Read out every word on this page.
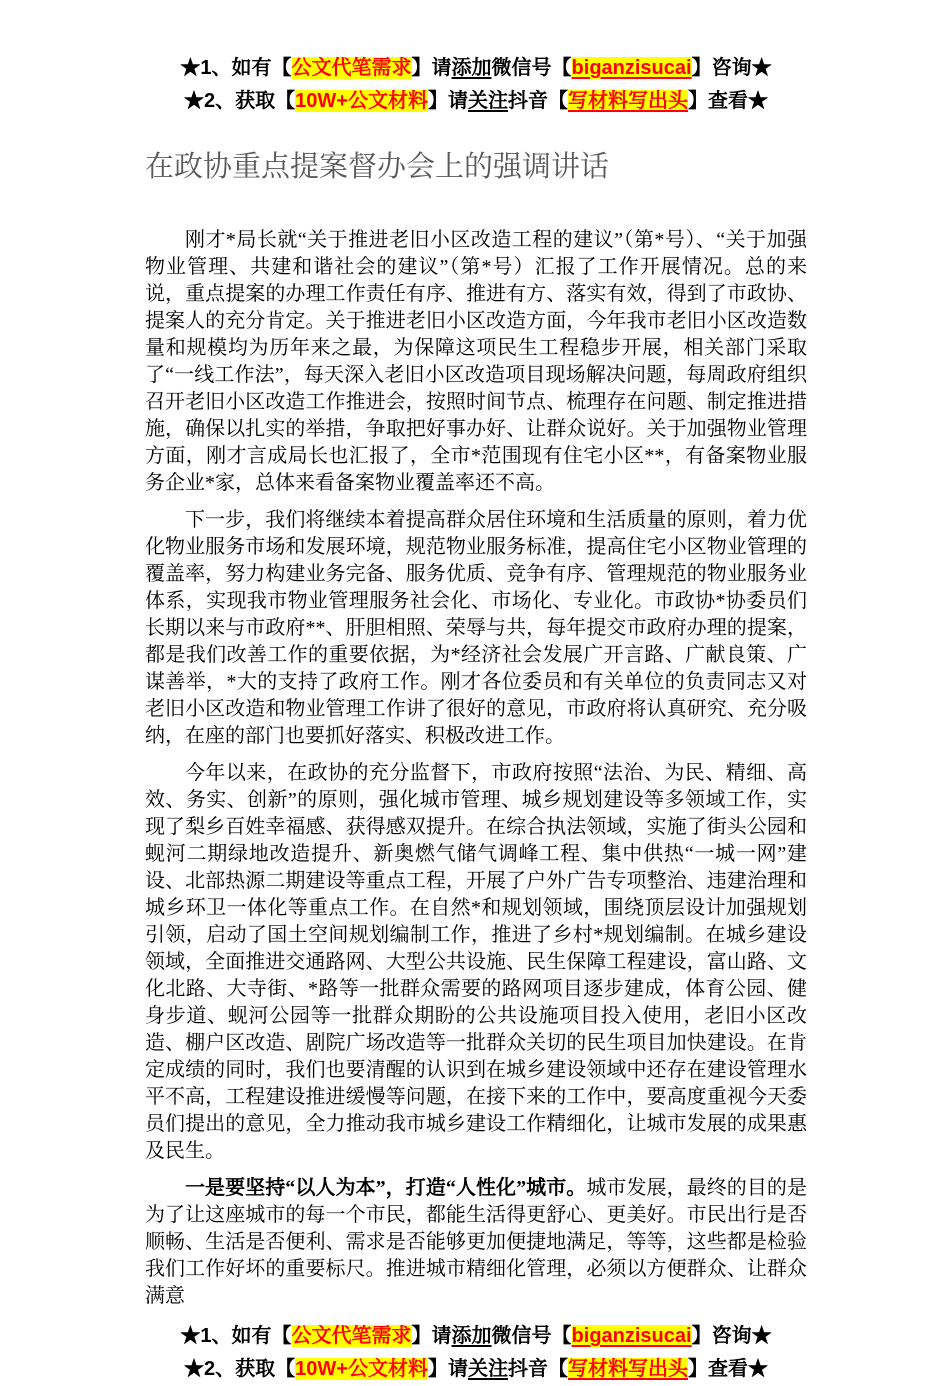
★1、如有【公文代笔需求】请添加微信号【biganzisucai】咨询★
★2、获取【10W+公文材料】请关注抖音【写材料写出头】查看★
在政协重点提案督办会上的强调讲话

刚才*局长就“关于推进老旧小区改造工程的建议”（第*号）、“关于加强物业管理、共建和谐社会的建议”（第*号）汇报了工作开展情况。总的来说，重点提案的办理工作责任有序、推进有方、落实有效，得到了市政协、提案人的充分肯定。关于推进老旧小区改造方面，今年我市老旧小区改造数量和规模均为历年来之最，为保障这项民生工程稳步开展，相关部门采取了“一线工作法”，每天深入老旧小区改造项目现场解决问题，每周政府组织召开老旧小区改造工作推进会，按照时间节点、梳理存在问题、制定推进措施，确保以扎实的举措，争取把好事办好、让群众说好。关于加强物业管理方面，刚才言成局长也汇报了，全市*范围现有住宅小区**，有备案物业服务企业*家，总体来看备案物业覆盖率还不高。

下一步，我们将继续本着提高群众居住环境和生活质量的原则，着力优化物业服务市场和发展环境，规范物业服务标准，提高住宅小区物业管理的覆盖率，努力构建业务完备、服务优质、竞争有序、管理规范的物业服务业体系，实现我市物业管理服务社会化、市场化、专业化。市政协*协委员们长期以来与市政府**、肝胆相照、荣辱与共，每年提交市政府办理的提案，都是我们改善工作的重要依据，为*经济社会发展广开言路、广献良策、广谋善举，*大的支持了政府工作。刚才各位委员和有关单位的负责同志又对老旧小区改造和物业管理工作讲了很好的意见，市政府将认真研究、充分吸纳，在座的部门也要抓好落实、积极改进工作。

今年以来，在政协的充分监督下，市政府按照“法治、为民、精细、高效、务实、创新”的原则，强化城市管理、城乡规划建设等多领域工作，实现了梨乡百姓幸福感、获得感双提升。在综合执法领域，实施了街头公园和蚬河二期绿地改造提升、新奥燃气储气调峰工程、集中供热“一城一网”建设、北部热源二期建设等重点工程，开展了户外广告专项整治、违建治理和城乡环卫一体化等重点工作。在自然*和规划领域，围绕顶层设计加强规划引领，启动了国土空间规划编制工作，推进了乡村*规划编制。在城乡建设领域，全面推进交通路网、大型公共设施、民生保障工程建设，富山路、文化北路、大寺街、*路等一批群众需要的路网项目逐步建成，体育公园、健身步道、蚬河公园等一批群众期盼的公共设施项目投入使用，老旧小区改造、棚户区改造、剧院广场改造等一批群众关切的民生项目加快建设。在肯定成绩的同时，我们也要清醒的认识到在城乡建设领域中还存在建设管理水平不高，工程建设推进缓慢等问题，在接下来的工作中，要高度重视今天委员们提出的意见，全力推动我市城乡建设工作精细化，让城市发展的成果惠及民生。

一是要坚持“以人为本”，打造“人性化”城市。城市发展，最终的目的是为了让这座城市的每一个市民，都能生活得更舒心、更美好。市民出行是否顺畅、生活是否便利、需求是否能够更加便捷地满足，等等，这些都是检验我们工作好坏的重要标尺。推进城市精细化管理，必须以方便群众、让群众满意

★1、如有【公文代笔需求】请添加微信号【biganzisucai】咨询★
★2、获取【10W+公文材料】请关注抖音【写材料写出头】查看★
